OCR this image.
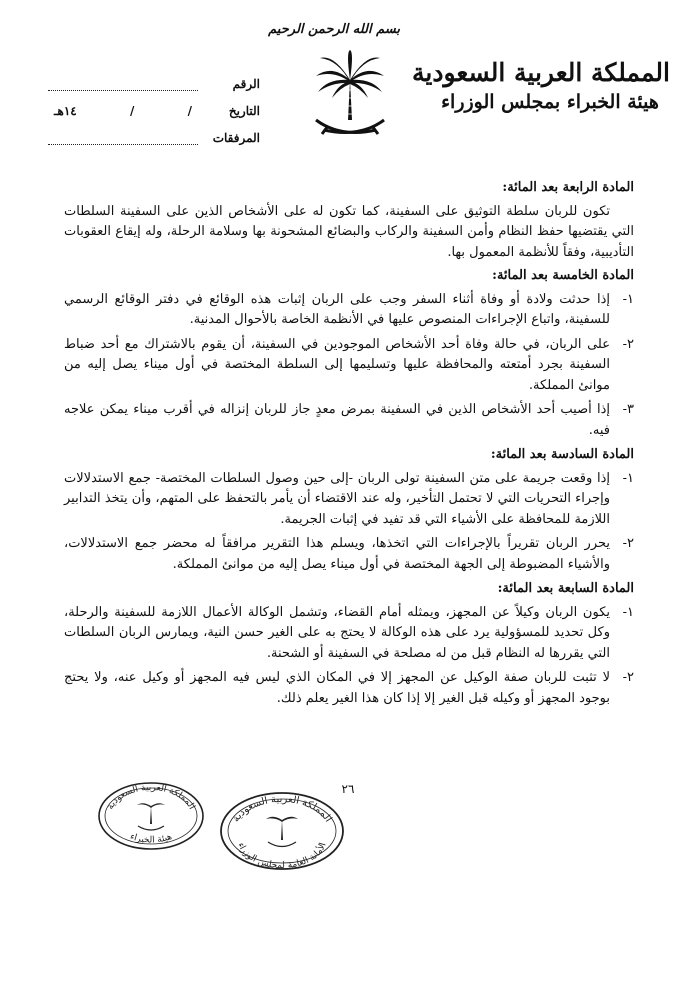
بسم الله الرحمن الرحيم
المملكة العربية السعودية
هيئة الخبراء بمجلس الوزراء
الرقم
التاريخ
/
/
١٤هـ
المرفقات
المادة الرابعة بعد المائة:

تكون للربان سلطة التوثيق على السفينة، كما تكون له على الأشخاص الذين على السفينة السلطات التي يقتضيها حفظ النظام وأمن السفينة والركاب والبضائع المشحونة بها وسلامة الرحلة، وله إيقاع العقوبات التأديبية، وفقاً للأنظمة المعمول بها.

المادة الخامسة بعد المائة:
١-
إذا حدثت ولادة أو وفاة أثناء السفر وجب على الربان إثبات هذه الوقائع في دفتر الوقائع الرسمي للسفينة، واتباع الإجراءات المنصوص عليها في الأنظمة الخاصة بالأحوال المدنية.
٢-
على الربان، في حالة وفاة أحد الأشخاص الموجودين في السفينة، أن يقوم بالاشتراك مع أحد ضباط السفينة بجرد أمتعته والمحافظة عليها وتسليمها إلى السلطة المختصة في أول ميناء يصل إليه من موانئ المملكة.
٣-
إذا أصيب أحد الأشخاص الذين في السفينة بمرض معدٍ جاز للربان إنزاله في أقرب ميناء يمكن علاجه فيه.
المادة السادسة بعد المائة:
١-
إذا وقعت جريمة على متن السفينة تولى الربان -إلى حين وصول السلطات المختصة- جمع الاستدلالات وإجراء التحريات التي لا تحتمل التأخير، وله عند الاقتضاء أن يأمر بالتحفظ على المتهم، وأن يتخذ التدابير اللازمة للمحافظة على الأشياء التي قد تفيد في إثبات الجريمة.
٢-
يحرر الربان تقريراً بالإجراءات التي اتخذها، ويسلم هذا التقرير مرافقاً له محضر جمع الاستدلالات، والأشياء المضبوطة إلى الجهة المختصة في أول ميناء يصل إليه من موانئ المملكة.
المادة السابعة بعد المائة:
١-
يكون الربان وكيلاً عن المجهز، ويمثله أمام القضاء، وتشمل الوكالة الأعمال اللازمة للسفينة والرحلة، وكل تحديد للمسؤولية يرد على هذه الوكالة لا يحتج به على الغير حسن النية، ويمارس الربان السلطات التي يقررها له النظام قبل من له مصلحة في السفينة أو الشحنة.
٢-
لا تثبت للربان صفة الوكيل عن المجهز إلا في المكان الذي ليس فيه المجهز أو وكيل عنه، ولا يحتج بوجود المجهز أو وكيله قبل الغير إلا إذا كان هذا الغير يعلم ذلك.
٢٦
المملكة العربية السعودية
هيئة الخبراء
المملكة العربية السعودية
الأمانة العامة لمجلس الوزراء
